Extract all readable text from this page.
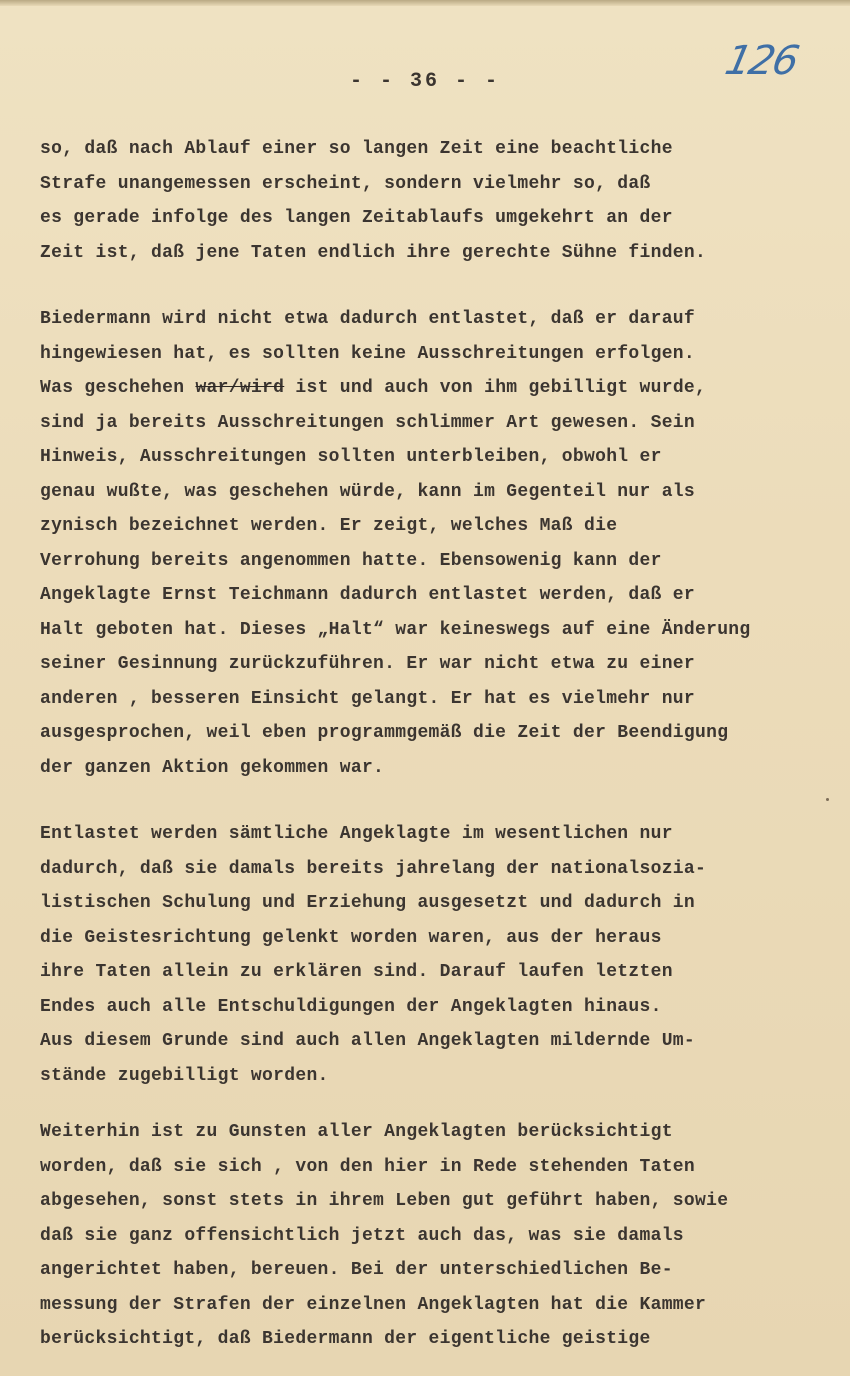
- - 36 - -	126
so, daß nach Ablauf einer so langen Zeit eine beachtliche
Strafe unangemessen erscheint, sondern vielmehr so, daß
es gerade infolge des langen Zeitablaufs umgekehrt an der
Zeit ist, daß jene Taten endlich ihre gerechte Sühne finden.
Biedermann wird nicht etwa dadurch entlastet, daß er darauf
hingewiesen hat, es sollten keine Ausschreitungen erfolgen.
Was geschehen war/wird ist und auch von ihm gebilligt wurde,
sind ja bereits Ausschreitungen schlimmer Art gewesen. Sein
Hinweis, Ausschreitungen sollten unterbleiben, obwohl er
genau wußte, was geschehen würde, kann im Gegenteil nur als
zynisch bezeichnet werden. Er zeigt, welches Maß die
Verrohung bereits angenommen hatte. Ebensowenig kann der
Angeklagte Ernst Teichmann dadurch entlastet werden, daß er
Halt geboten hat. Dieses „Halt“ war keineswegs auf eine Änderung
seiner Gesinnung zurückzuführen. Er war nicht etwa zu einer
anderen , besseren Einsicht gelangt. Er hat es vielmehr nur
ausgesprochen, weil eben programmgemäß die Zeit der Beendigung
der ganzen Aktion gekommen war.
Entlastet werden sämtliche Angeklagte im wesentlichen nur
dadurch, daß sie damals bereits jahrelang der nationalsozia-
listischen Schulung und Erziehung ausgesetzt und dadurch in
die Geistesrichtung gelenkt worden waren, aus der heraus
ihre Taten allein zu erklären sind. Darauf laufen letzten
Endes auch alle Entschuldigungen der Angeklagten hinaus.
Aus diesem Grunde sind auch allen Angeklagten mildernde Um-
stände zugebilligt worden.
Weiterhin ist zu Gunsten aller Angeklagten berücksichtigt
worden, daß sie sich , von den hier in Rede stehenden Taten
abgesehen, sonst stets in ihrem Leben gut geführt haben, sowie
daß sie ganz offensichtlich jetzt auch das, was sie damals
angerichtet haben, bereuen. Bei der unterschiedlichen Be-
messung der Strafen der einzelnen Angeklagten hat die Kammer
berücksichtigt, daß Biedermann der eigentliche geistige
